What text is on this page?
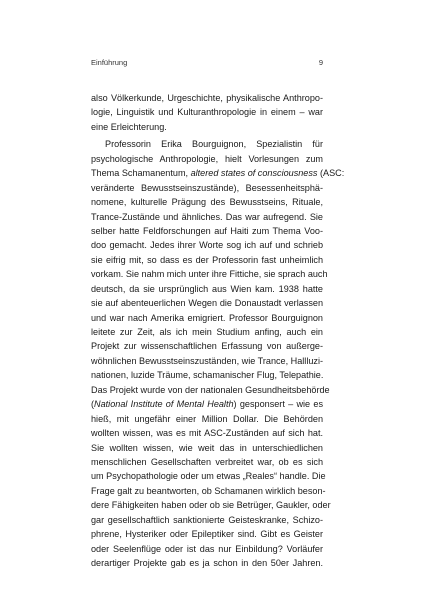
Einführung	9
also Völkerkunde, Urgeschichte, physikalische Anthropo-
logie, Linguistik und Kulturanthropologie in einem – war
eine Erleichterung.
Professorin Erika Bourguignon, Spezialistin für
psychologische Anthropologie, hielt Vorlesungen zum
Thema Schamanentum, altered states of consciousness (ASC:
veränderte Bewusstseinszustände), Besessenheitsphä-
nomene, kulturelle Prägung des Bewusstseins, Rituale,
Trance-Zustände und ähnliches. Das war aufregend. Sie
selber hatte Feldforschungen auf Haiti zum Thema Voo-
doo gemacht. Jedes ihrer Worte sog ich auf und schrieb
sie eifrig mit, so dass es der Professorin fast unheimlich
vorkam. Sie nahm mich unter ihre Fittiche, sie sprach auch
deutsch, da sie ursprünglich aus Wien kam. 1938 hatte
sie auf abenteuerlichen Wegen die Donaustadt verlassen
und war nach Amerika emigriert. Professor Bourguignon
leitete zur Zeit, als ich mein Studium anfing, auch ein
Projekt zur wissenschaftlichen Erfassung von außerge-
wöhnlichen Bewusstseinszuständen, wie Trance, Hallluzi-
nationen, luzide Träume, schamanischer Flug, Telepathie.
Das Projekt wurde von der nationalen Gesundheitsbehörde
(National Institute of Mental Health) gesponsert – wie es
hieß, mit ungefähr einer Million Dollar. Die Behörden
wollten wissen, was es mit ASC-Zuständen auf sich hat.
Sie wollten wissen, wie weit das in unterschiedlichen
menschlichen Gesellschaften verbreitet war, ob es sich
um Psychopathologie oder um etwas „Reales“ handle. Die
Frage galt zu beantworten, ob Schamanen wirklich beson-
dere Fähigkeiten haben oder ob sie Betrüger, Gaukler, oder
gar gesellschaftlich sanktionierte Geisteskranke, Schizo-
phrene, Hysteriker oder Epileptiker sind. Gibt es Geister
oder Seelenflüge oder ist das nur Einbildung? Vorläufer
derartiger Projekte gab es ja schon in den 50er Jahren.
